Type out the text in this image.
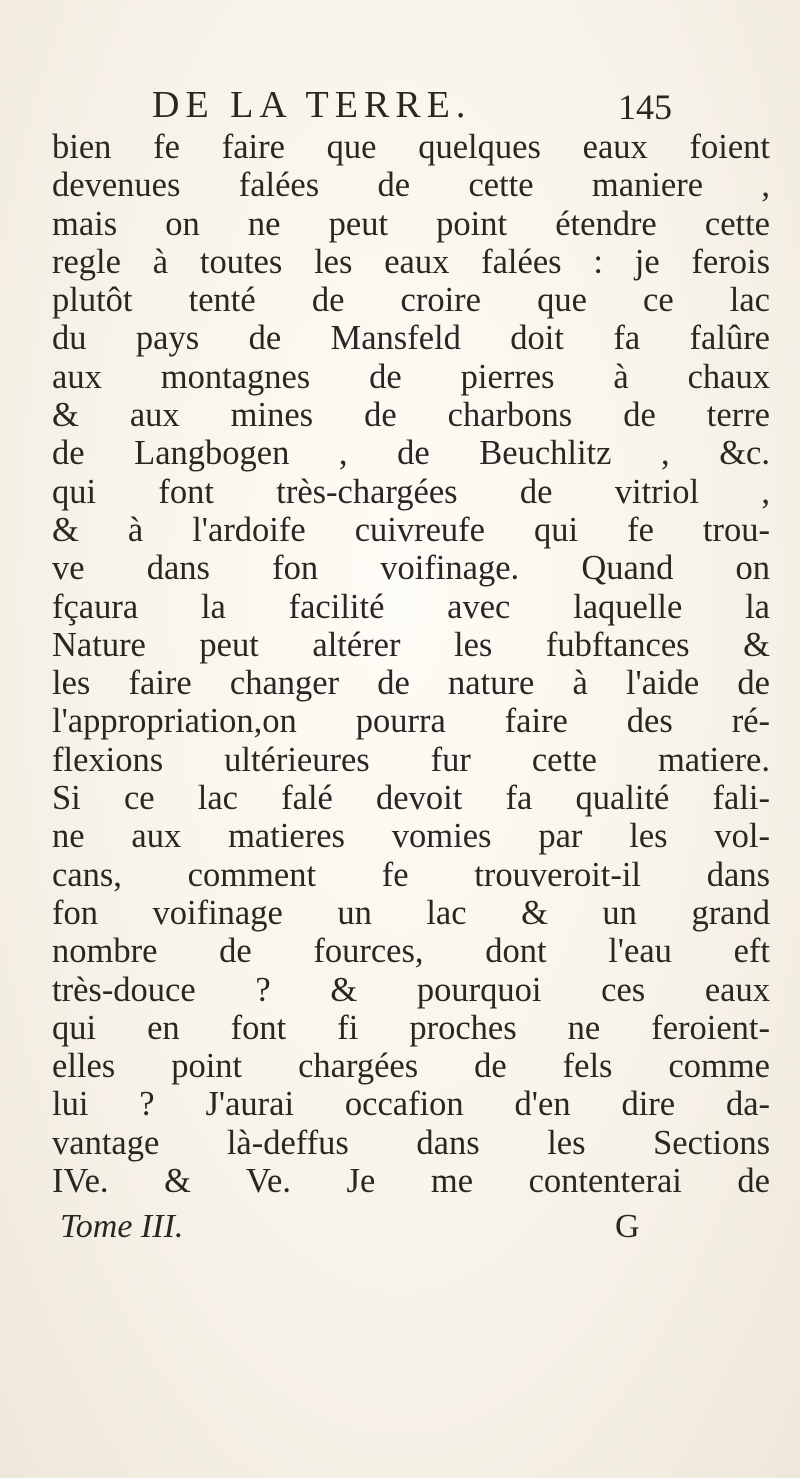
DE LA TERRE.	145
bien fe faire que quelques eaux foient
devenues falées de cette maniere ,
mais on ne peut point étendre cette
regle à toutes les eaux falées : je ferois
plutôt tenté de croire que ce lac
du pays de Mansfeld doit fa falûre
aux montagnes de pierres à chaux
& aux mines de charbons de terre
de Langbogen , de Beuchlitz , &c.
qui font très-chargées de vitriol ,
& à l'ardoife cuivreufe qui fe trou-
ve dans fon voifinage. Quand on
fçaura la facilité avec laquelle la
Nature peut altérer les fubftances &
les faire changer de nature à l'aide de
l'appropriation,on pourra faire des ré-
flexions ultérieures fur cette matiere.
Si ce lac falé devoit fa qualité fali-
ne aux matieres vomies par les vol-
cans, comment fe trouveroit-il dans
fon voifinage un lac & un grand
nombre de fources, dont l'eau eft
très-douce ? & pourquoi ces eaux
qui en font fi proches ne feroient-
elles point chargées de fels comme
lui ? J'aurai occafion d'en dire da-
vantage là-deffus dans les Sections
IVe. & Ve. Je me contenterai de
Tome III.	G
